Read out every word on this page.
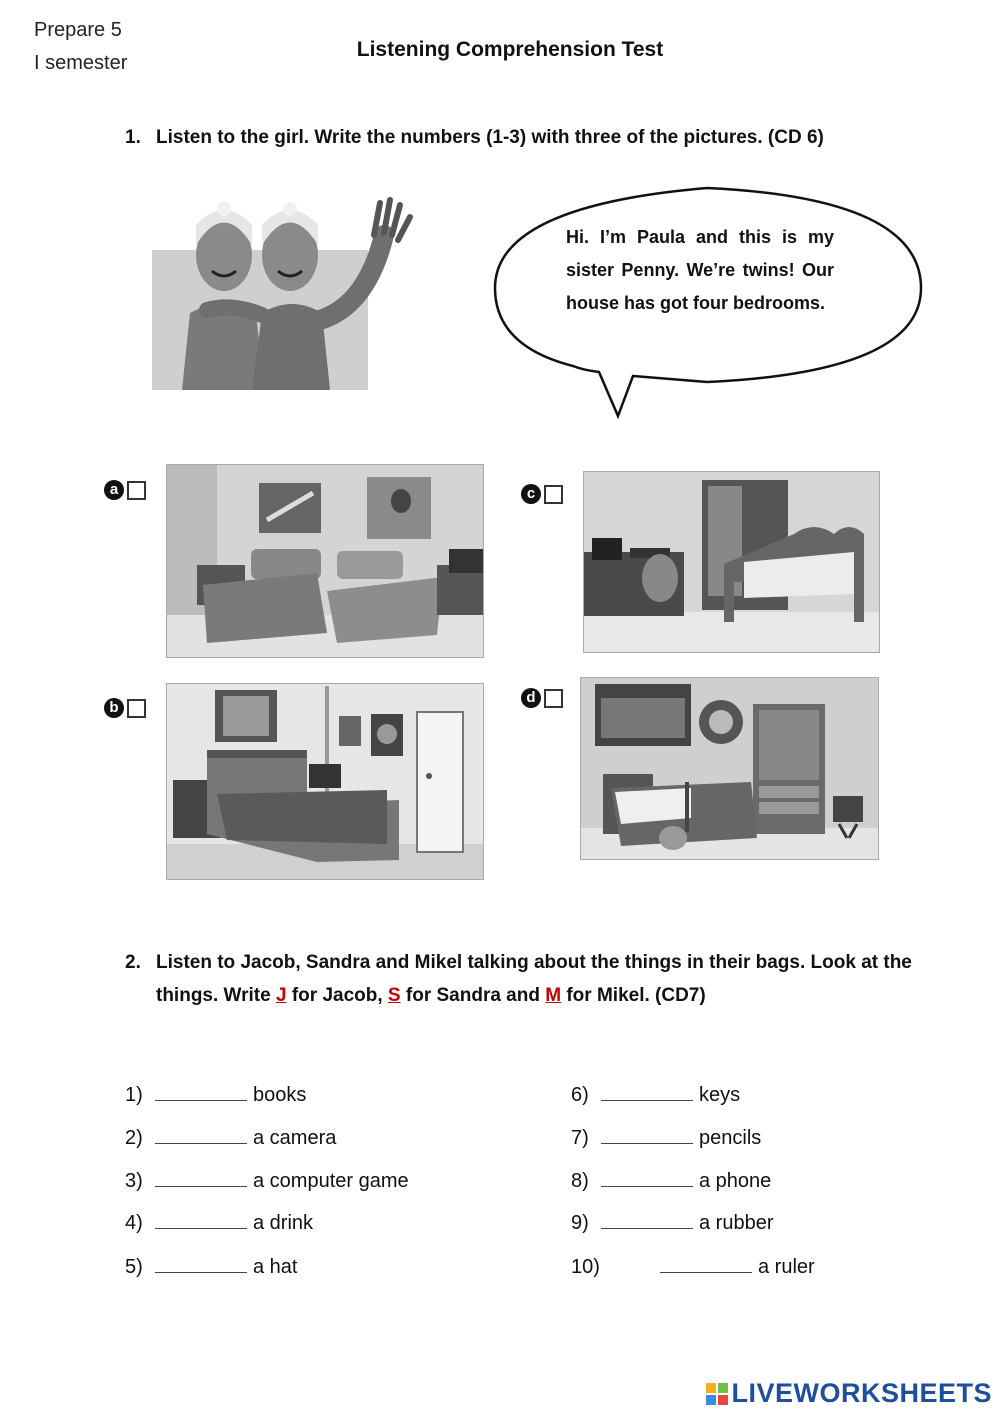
Prepare 5
I semester
Listening Comprehension Test
1. Listen to the girl. Write the numbers (1-3) with three of the pictures. (CD 6)
Hi. I’m Paula and this is my sister Penny. We’re twins! Our house has got four bedrooms.
a	c
b
d
2. Listen to Jacob, Sandra and Mikel talking about the things in their bags. Look at the things. Write J for Jacob, S for Sandra and M for Mikel. (CD7)
1)	books
2)	a camera
3)	a computer game
4)	a drink
5)	a hat
6)	keys
7)	pencils
8)	a phone
9)	a rubber
10)	a ruler
LIVEWORKSHEETS
